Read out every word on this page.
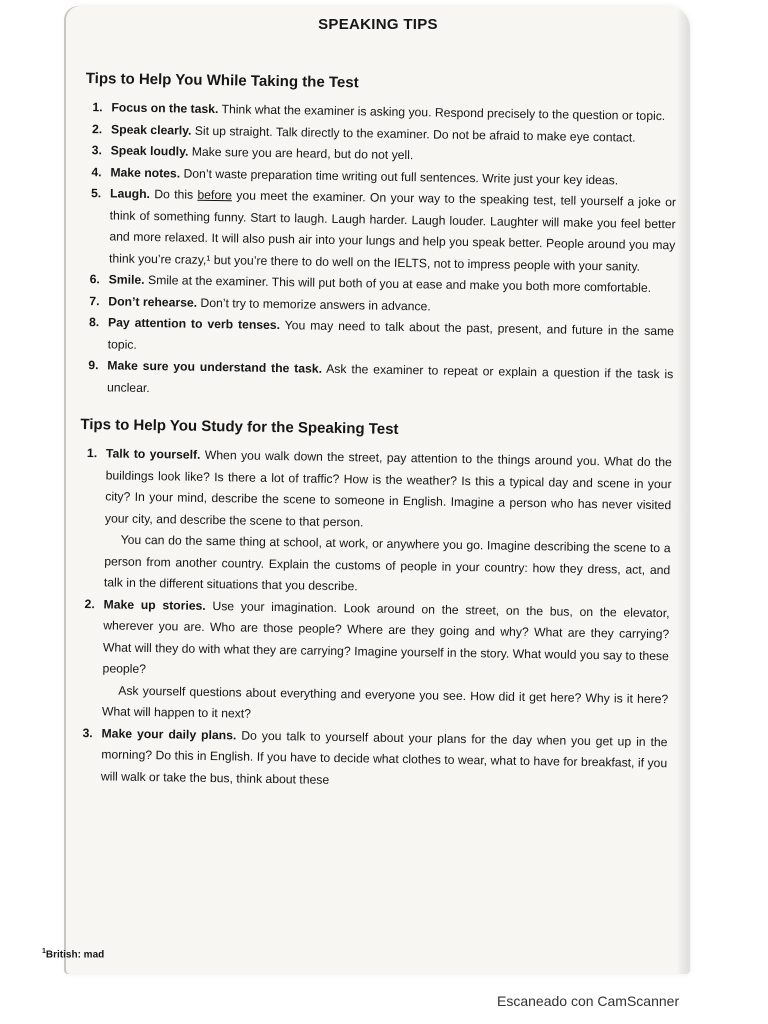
SPEAKING TIPS
Tips to Help You While Taking the Test
1. Focus on the task. Think what the examiner is asking you. Respond precisely to the question or topic.
2. Speak clearly. Sit up straight. Talk directly to the examiner. Do not be afraid to make eye contact.
3. Speak loudly. Make sure you are heard, but do not yell.
4. Make notes. Don’t waste preparation time writing out full sentences. Write just your key ideas.
5. Laugh. Do this before you meet the examiner. On your way to the speaking test, tell yourself a joke or think of something funny. Start to laugh. Laugh harder. Laugh louder. Laughter will make you feel better and more relaxed. It will also push air into your lungs and help you speak better. People around you may think you’re crazy,¹ but you’re there to do well on the IELTS, not to impress people with your sanity.
6. Smile. Smile at the examiner. This will put both of you at ease and make you both more comfortable.
7. Don’t rehearse. Don’t try to memorize answers in advance.
8. Pay attention to verb tenses. You may need to talk about the past, present, and future in the same topic.
9. Make sure you understand the task. Ask the examiner to repeat or explain a question if the task is unclear.
Tips to Help You Study for the Speaking Test
1. Talk to yourself. When you walk down the street, pay attention to the things around you. What do the buildings look like? Is there a lot of traffic? How is the weather? Is this a typical day and scene in your city? In your mind, describe the scene to someone in English. Imagine a person who has never visited your city, and describe the scene to that person.
You can do the same thing at school, at work, or anywhere you go. Imagine describing the scene to a person from another country. Explain the customs of people in your country: how they dress, act, and talk in the different situations that you describe.
2. Make up stories. Use your imagination. Look around on the street, on the bus, on the elevator, wherever you are. Who are those people? Where are they going and why? What are they carrying? What will they do with what they are carrying? Imagine yourself in the story. What would you say to these people?
Ask yourself questions about everything and everyone you see. How did it get here? Why is it here? What will happen to it next?
3. Make your daily plans. Do you talk to yourself about your plans for the day when you get up in the morning? Do this in English. If you have to decide what clothes to wear, what to have for breakfast, if you will walk or take the bus, think about these
$^1$British: mad
Escaneado con CamScanner
